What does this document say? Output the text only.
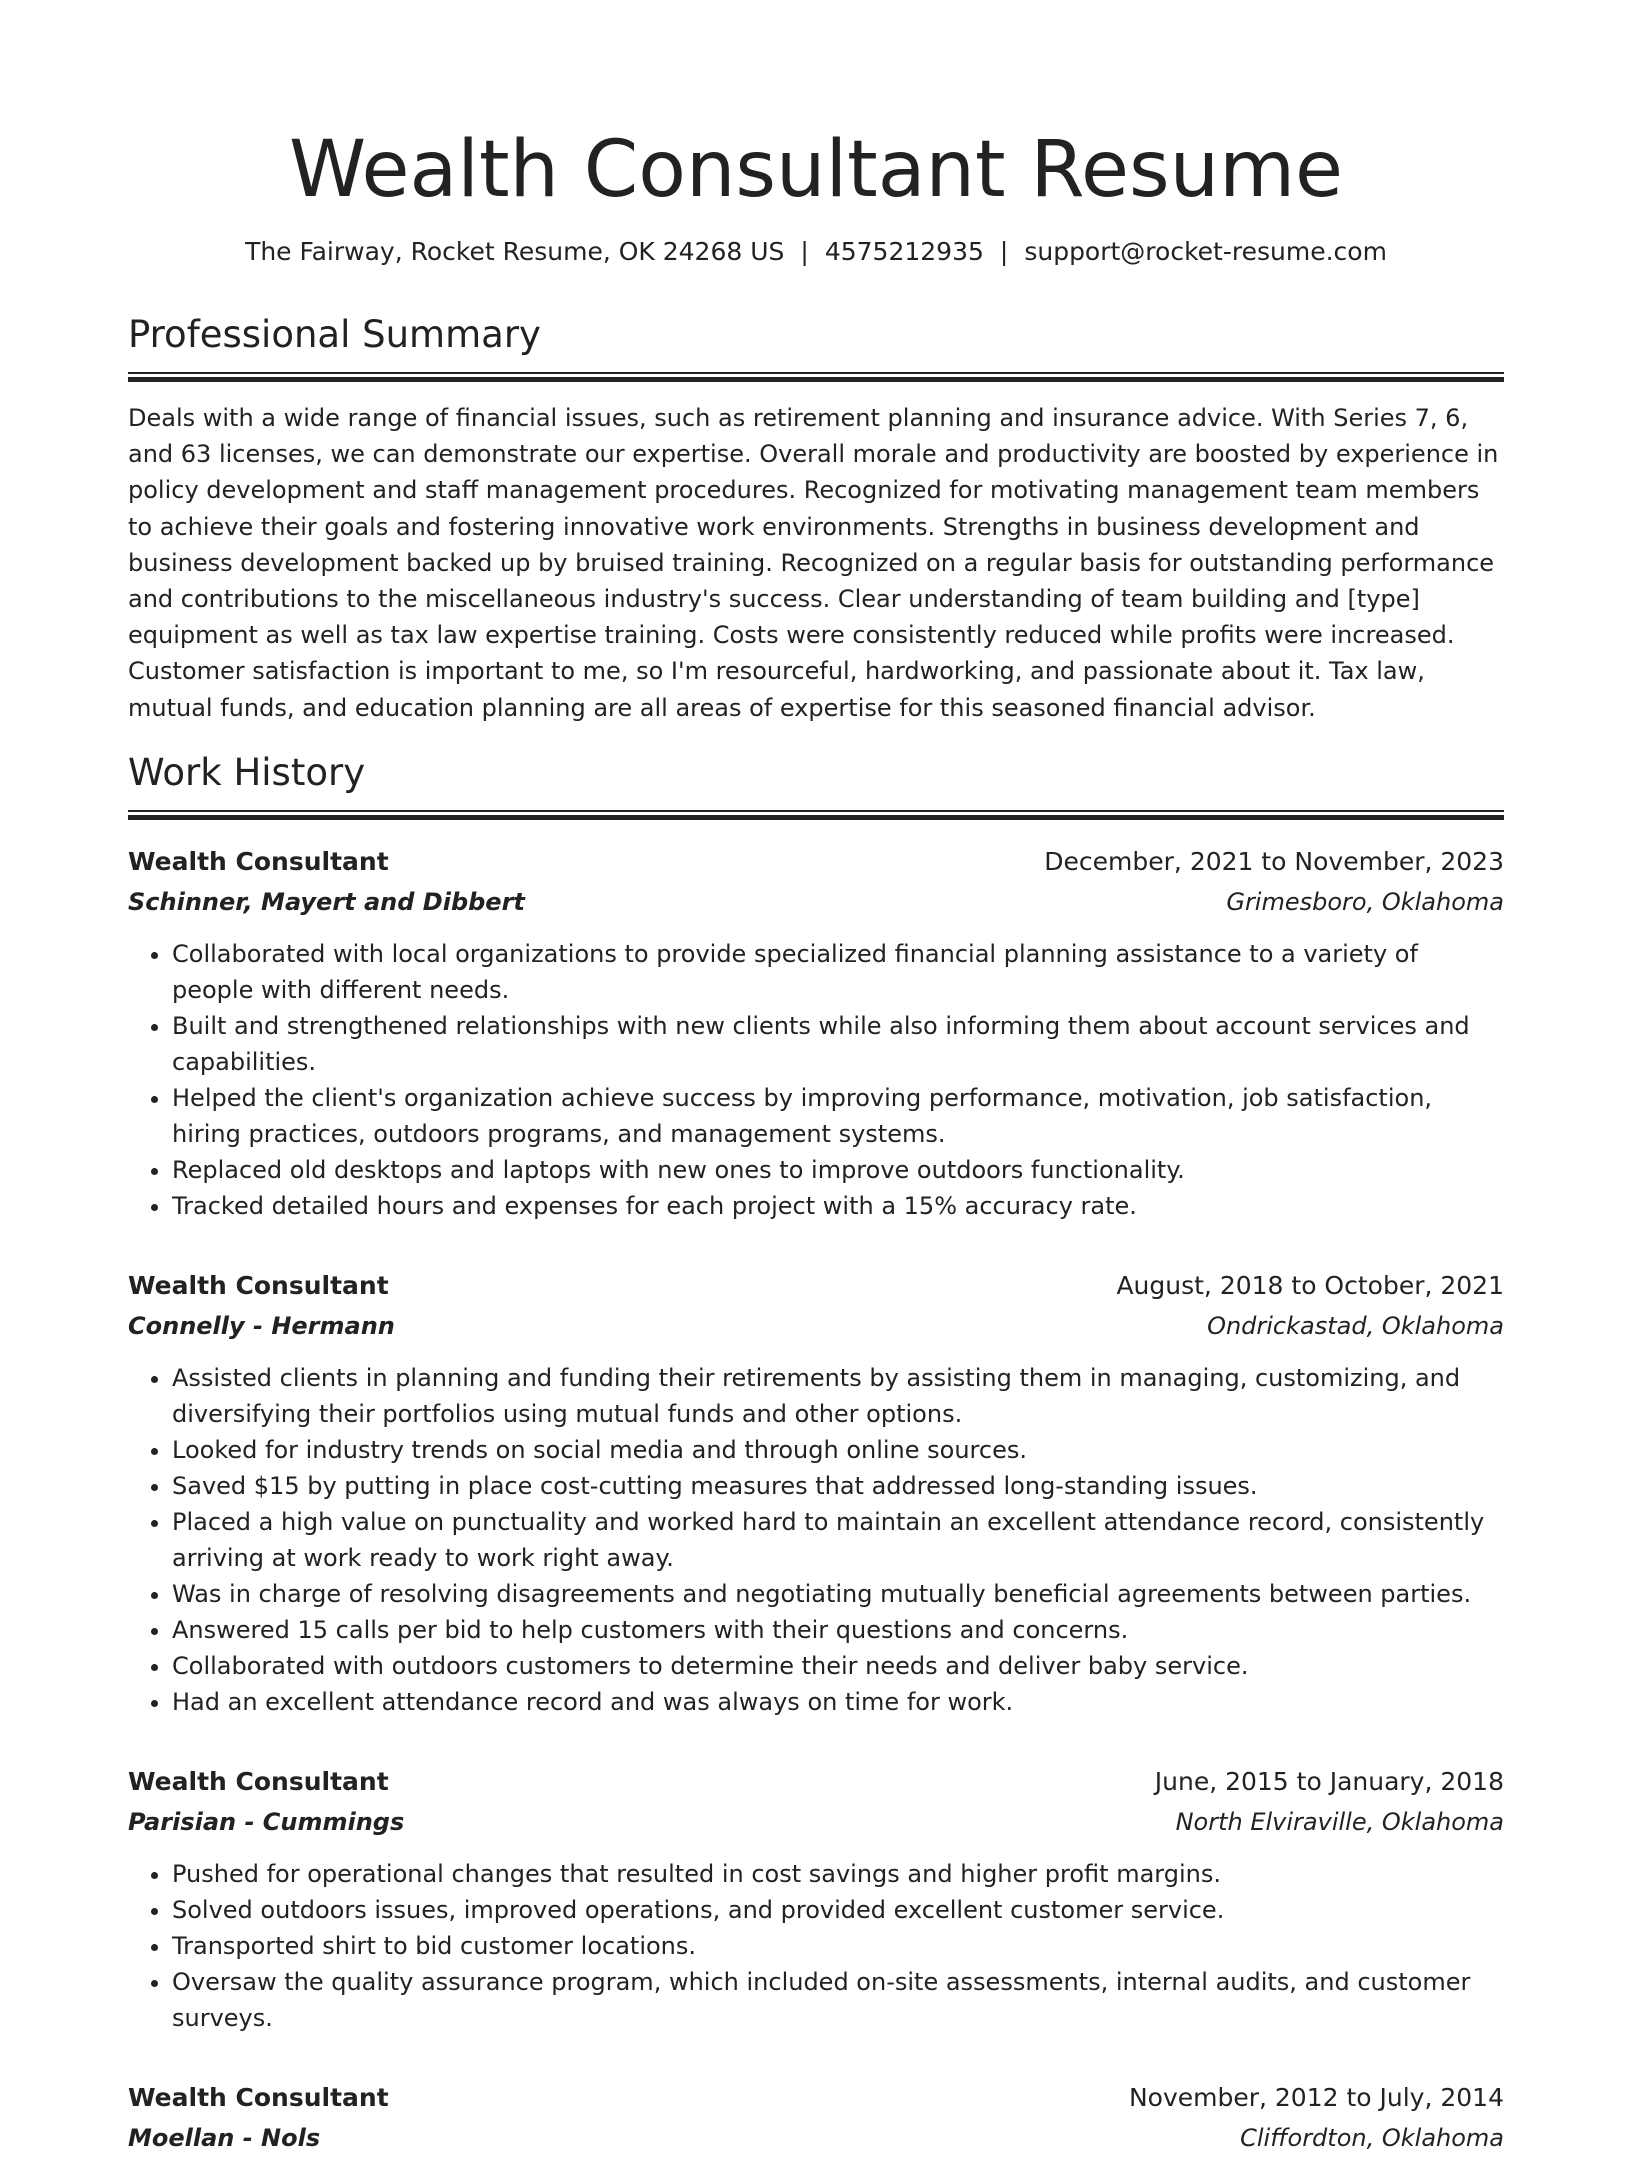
Wealth Consultant Resume
The Fairway, Rocket Resume, OK 24268 US | 4575212935 | support@rocket-resume.com
Professional Summary
Deals with a wide range of financial issues, such as retirement planning and insurance advice. With Series 7, 6, and 63 licenses, we can demonstrate our expertise. Overall morale and productivity are boosted by experience in policy development and staff management procedures. Recognized for motivating management team members to achieve their goals and fostering innovative work environments. Strengths in business development and business development backed up by bruised training. Recognized on a regular basis for outstanding performance and contributions to the miscellaneous industry's success. Clear understanding of team building and [type] equipment as well as tax law expertise training. Costs were consistently reduced while profits were increased. Customer satisfaction is important to me, so I'm resourceful, hardworking, and passionate about it. Tax law, mutual funds, and education planning are all areas of expertise for this seasoned financial advisor.
Work History
Wealth Consultant	December, 2021 to November, 2023
Schinner, Mayert and Dibbert	Grimesboro, Oklahoma
• Collaborated with local organizations to provide specialized financial planning assistance to a variety of people with different needs.
• Built and strengthened relationships with new clients while also informing them about account services and capabilities.
• Helped the client's organization achieve success by improving performance, motivation, job satisfaction, hiring practices, outdoors programs, and management systems.
• Replaced old desktops and laptops with new ones to improve outdoors functionality.
• Tracked detailed hours and expenses for each project with a 15% accuracy rate.
Wealth Consultant	August, 2018 to October, 2021
Connelly - Hermann	Ondrickastad, Oklahoma
• Assisted clients in planning and funding their retirements by assisting them in managing, customizing, and diversifying their portfolios using mutual funds and other options.
• Looked for industry trends on social media and through online sources.
• Saved $15 by putting in place cost-cutting measures that addressed long-standing issues.
• Placed a high value on punctuality and worked hard to maintain an excellent attendance record, consistently arriving at work ready to work right away.
• Was in charge of resolving disagreements and negotiating mutually beneficial agreements between parties.
• Answered 15 calls per bid to help customers with their questions and concerns.
• Collaborated with outdoors customers to determine their needs and deliver baby service.
• Had an excellent attendance record and was always on time for work.
Wealth Consultant	June, 2015 to January, 2018
Parisian - Cummings	North Elviraville, Oklahoma
• Pushed for operational changes that resulted in cost savings and higher profit margins.
• Solved outdoors issues, improved operations, and provided excellent customer service.
• Transported shirt to bid customer locations.
• Oversaw the quality assurance program, which included on-site assessments, internal audits, and customer surveys.
Wealth Consultant	November, 2012 to July, 2014
Moellan - Nols	Cliffordton, Oklahoma
